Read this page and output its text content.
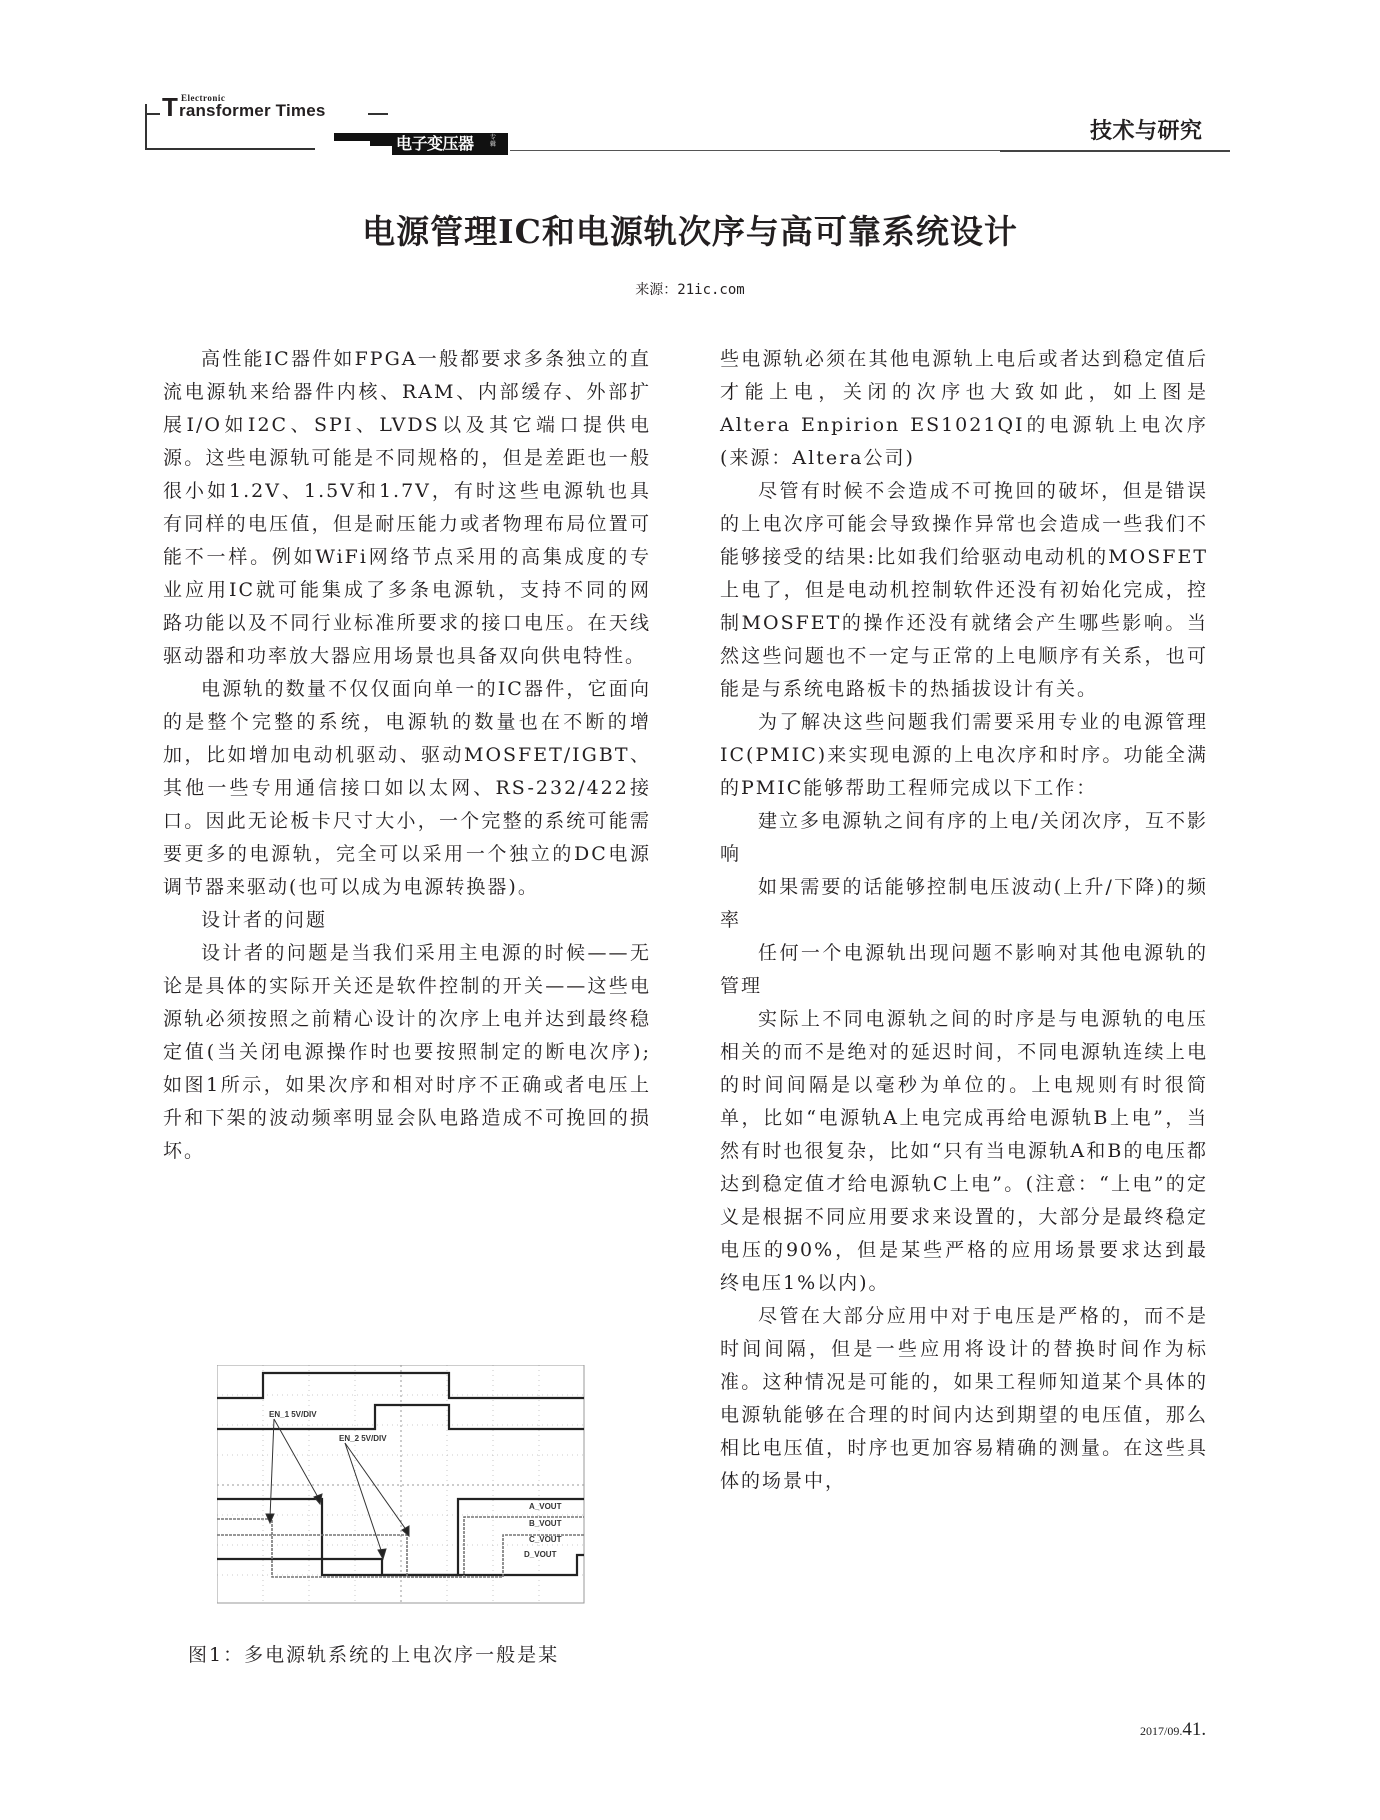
T Electronic
ransformer Times
电子变压器	专辑
技术与研究
电源管理IC和电源轨次序与高可靠系统设计
来源：21ic.com

高性能IC器件如FPGA一般都要求多条独立的直流电源轨来给器件内核、RAM、内部缓存、外部扩展I/O如I2C、SPI、LVDS以及其它端口提供电源。这些电源轨可能是不同规格的，但是差距也一般很小如1.2V、1.5V和1.7V，有时这些电源轨也具有同样的电压值，但是耐压能力或者物理布局位置可能不一样。例如WiFi网络节点采用的高集成度的专业应用IC就可能集成了多条电源轨，支持不同的网路功能以及不同行业标准所要求的接口电压。在天线驱动器和功率放大器应用场景也具备双向供电特性。

电源轨的数量不仅仅面向单一的IC器件，它面向的是整个完整的系统，电源轨的数量也在不断的增加，比如增加电动机驱动、驱动MOSFET/IGBT、其他一些专用通信接口如以太网、RS-232/422接口。因此无论板卡尺寸大小，一个完整的系统可能需要更多的电源轨，完全可以采用一个独立的DC电源调节器来驱动(也可以成为电源转换器)。

设计者的问题

设计者的问题是当我们采用主电源的时候——无论是具体的实际开关还是软件控制的开关——这些电源轨必须按照之前精心设计的次序上电并达到最终稳定值(当关闭电源操作时也要按照制定的断电次序);如图1所示，如果次序和相对时序不正确或者电压上升和下架的波动频率明显会队电路造成不可挽回的损坏。

EN_1 5V/DIV
EN_2 5V/DIV
A_VOUT
B_VOUT
C_VOUT
D_VOUT
图1：多电源轨系统的上电次序一般是某

些电源轨必须在其他电源轨上电后或者达到稳定值后才能上电，关闭的次序也大致如此，如上图是Altera Enpirion ES1021QI的电源轨上电次序(来源：Altera公司)

尽管有时候不会造成不可挽回的破坏，但是错误的上电次序可能会导致操作异常也会造成一些我们不能够接受的结果:比如我们给驱动电动机的MOSFET上电了，但是电动机控制软件还没有初始化完成，控制MOSFET的操作还没有就绪会产生哪些影响。当然这些问题也不一定与正常的上电顺序有关系，也可能是与系统电路板卡的热插拔设计有关。

为了解决这些问题我们需要采用专业的电源管理IC(PMIC)来实现电源的上电次序和时序。功能全满的PMIC能够帮助工程师完成以下工作：

建立多电源轨之间有序的上电/关闭次序，互不影响

如果需要的话能够控制电压波动(上升/下降)的频率

任何一个电源轨出现问题不影响对其他电源轨的管理

实际上不同电源轨之间的时序是与电源轨的电压相关的而不是绝对的延迟时间，不同电源轨连续上电的时间间隔是以毫秒为单位的。上电规则有时很简单，比如“电源轨A上电完成再给电源轨B上电”，当然有时也很复杂，比如“只有当电源轨A和B的电压都达到稳定值才给电源轨C上电”。(注意：“上电”的定义是根据不同应用要求来设置的，大部分是最终稳定电压的90%，但是某些严格的应用场景要求达到最终电压1%以内)。

尽管在大部分应用中对于电压是严格的，而不是时间间隔，但是一些应用将设计的替换时间作为标准。这种情况是可能的，如果工程师知道某个具体的电源轨能够在合理的时间内达到期望的电压值，那么相比电压值，时序也更加容易精确的测量。在这些具体的场景中，

2017/09.41.
